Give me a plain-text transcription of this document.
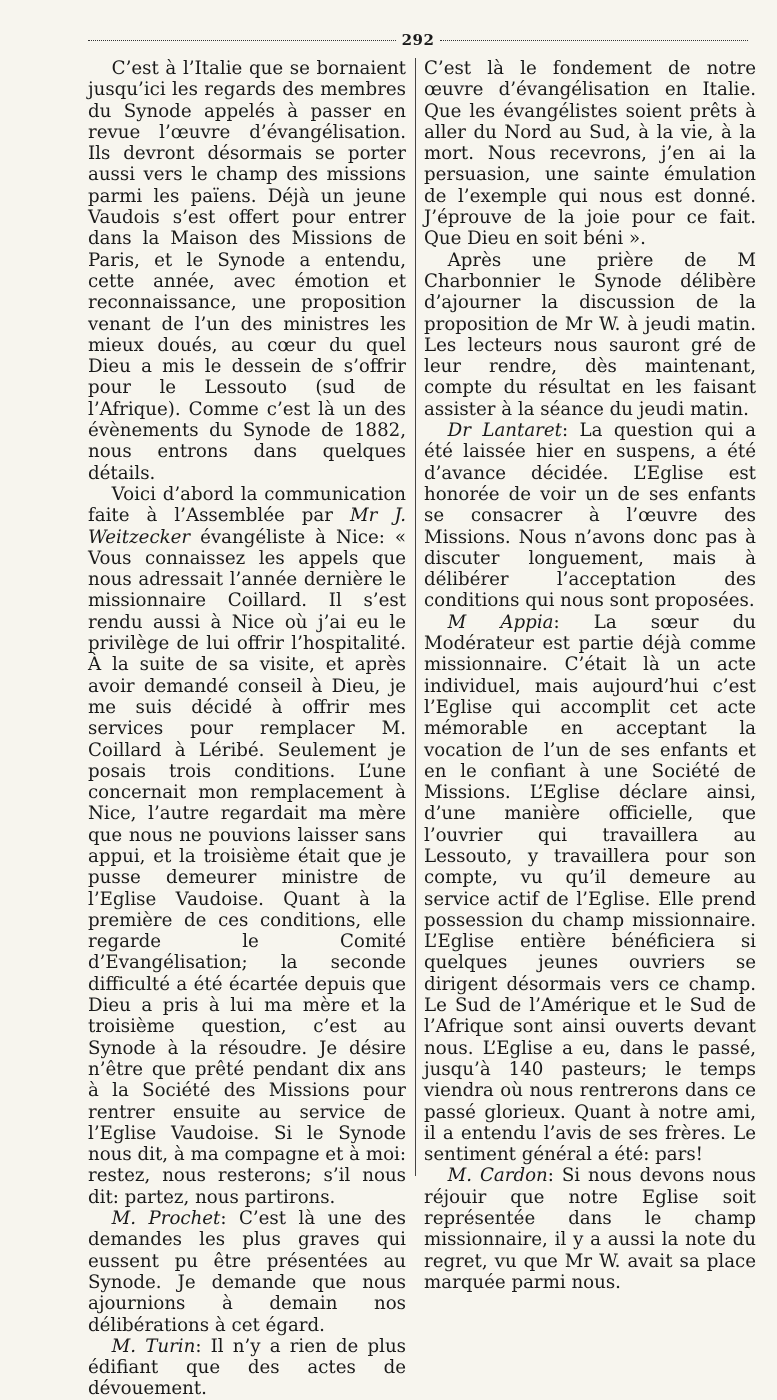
292

C’est à l’Italie que se bornaient jusqu’ici les regards des membres du Synode appelés à passer en revue l’œuvre d’évangélisation. Ils devront désormais se porter aussi vers le champ des missions parmi les païens. Déjà un jeune Vaudois s’est offert pour entrer dans la Maison des Missions de Paris, et le Synode a entendu, cette année, avec émotion et reconnaissance, une proposition venant de l’un des ministres les mieux doués, au cœur du quel Dieu a mis le dessein de s’offrir pour le Lessouto (sud de l’Afrique). Comme c’est là un des évènements du Synode de 1882, nous entrons dans quelques détails.

Voici d’abord la communication faite à l’Assemblée par Mr J. Weitzecker évangéliste à Nice: « Vous connaissez les appels que nous adressait l’année dernière le missionnaire Coillard. Il s’est rendu aussi à Nice où j’ai eu le privilège de lui offrir l’hospitalité. À la suite de sa visite, et après avoir demandé conseil à Dieu, je me suis décidé à offrir mes services pour remplacer M. Coillard à Léribé. Seulement je posais trois conditions. L’une concernait mon remplacement à Nice, l’autre regardait ma mère que nous ne pouvions laisser sans appui, et la troisième était que je pusse demeurer ministre de l’Eglise Vaudoise. Quant à la première de ces conditions, elle regarde le Comité d’Evangélisation; la seconde difficulté a été écartée depuis que Dieu a pris à lui ma mère et la troisième question, c’est au Synode à la résoudre. Je désire n’être que prêté pendant dix ans à la Société des Missions pour rentrer ensuite au service de l’Eglise Vaudoise. Si le Synode nous dit, à ma compagne et à moi: restez, nous resterons; s’il nous dit: partez, nous partirons.

M. Prochet: C’est là une des demandes les plus graves qui eussent pu être présentées au Synode. Je demande que nous ajournions à demain nos délibérations à cet égard.

M. Turin: Il n’y a rien de plus édifiant que des actes de dévouement.

C’est là le fondement de notre œuvre d’évangélisation en Italie. Que les évangélistes soient prêts à aller du Nord au Sud, à la vie, à la mort. Nous recevrons, j’en ai la persuasion, une sainte émulation de l’exemple qui nous est donné. J’éprouve de la joie pour ce fait. Que Dieu en soit béni ».

Après une prière de M Charbonnier le Synode délibère d’ajourner la discussion de la proposition de Mr W. à jeudi matin. Les lecteurs nous sauront gré de leur rendre, dès maintenant, compte du résultat en les faisant assister à la séance du jeudi matin.

Dr Lantaret: La question qui a été laissée hier en suspens, a été d’avance décidée. L’Eglise est honorée de voir un de ses enfants se consacrer à l’œuvre des Missions. Nous n’avons donc pas à discuter longuement, mais à délibérer l’acceptation des conditions qui nous sont proposées.

M Appia: La sœur du Modérateur est partie déjà comme missionnaire. C’était là un acte individuel, mais aujourd’hui c’est l’Eglise qui accomplit cet acte mémorable en acceptant la vocation de l’un de ses enfants et en le confiant à une Société de Missions. L’Eglise déclare ainsi, d’une manière officielle, que l’ouvrier qui travaillera au Lessouto, y travaillera pour son compte, vu qu’il demeure au service actif de l’Eglise. Elle prend possession du champ missionnaire. L’Eglise entière bénéficiera si quelques jeunes ouvriers se dirigent désormais vers ce champ. Le Sud de l’Amérique et le Sud de l’Afrique sont ainsi ouverts devant nous. L’Eglise a eu, dans le passé, jusqu’à 140 pasteurs; le temps viendra où nous rentrerons dans ce passé glorieux. Quant à notre ami, il a entendu l’avis de ses frères. Le sentiment général a été: pars!

M. Cardon: Si nous devons nous réjouir que notre Eglise soit représentée dans le champ missionnaire, il y a aussi la note du regret, vu que Mr W. avait sa place marquée parmi nous.
